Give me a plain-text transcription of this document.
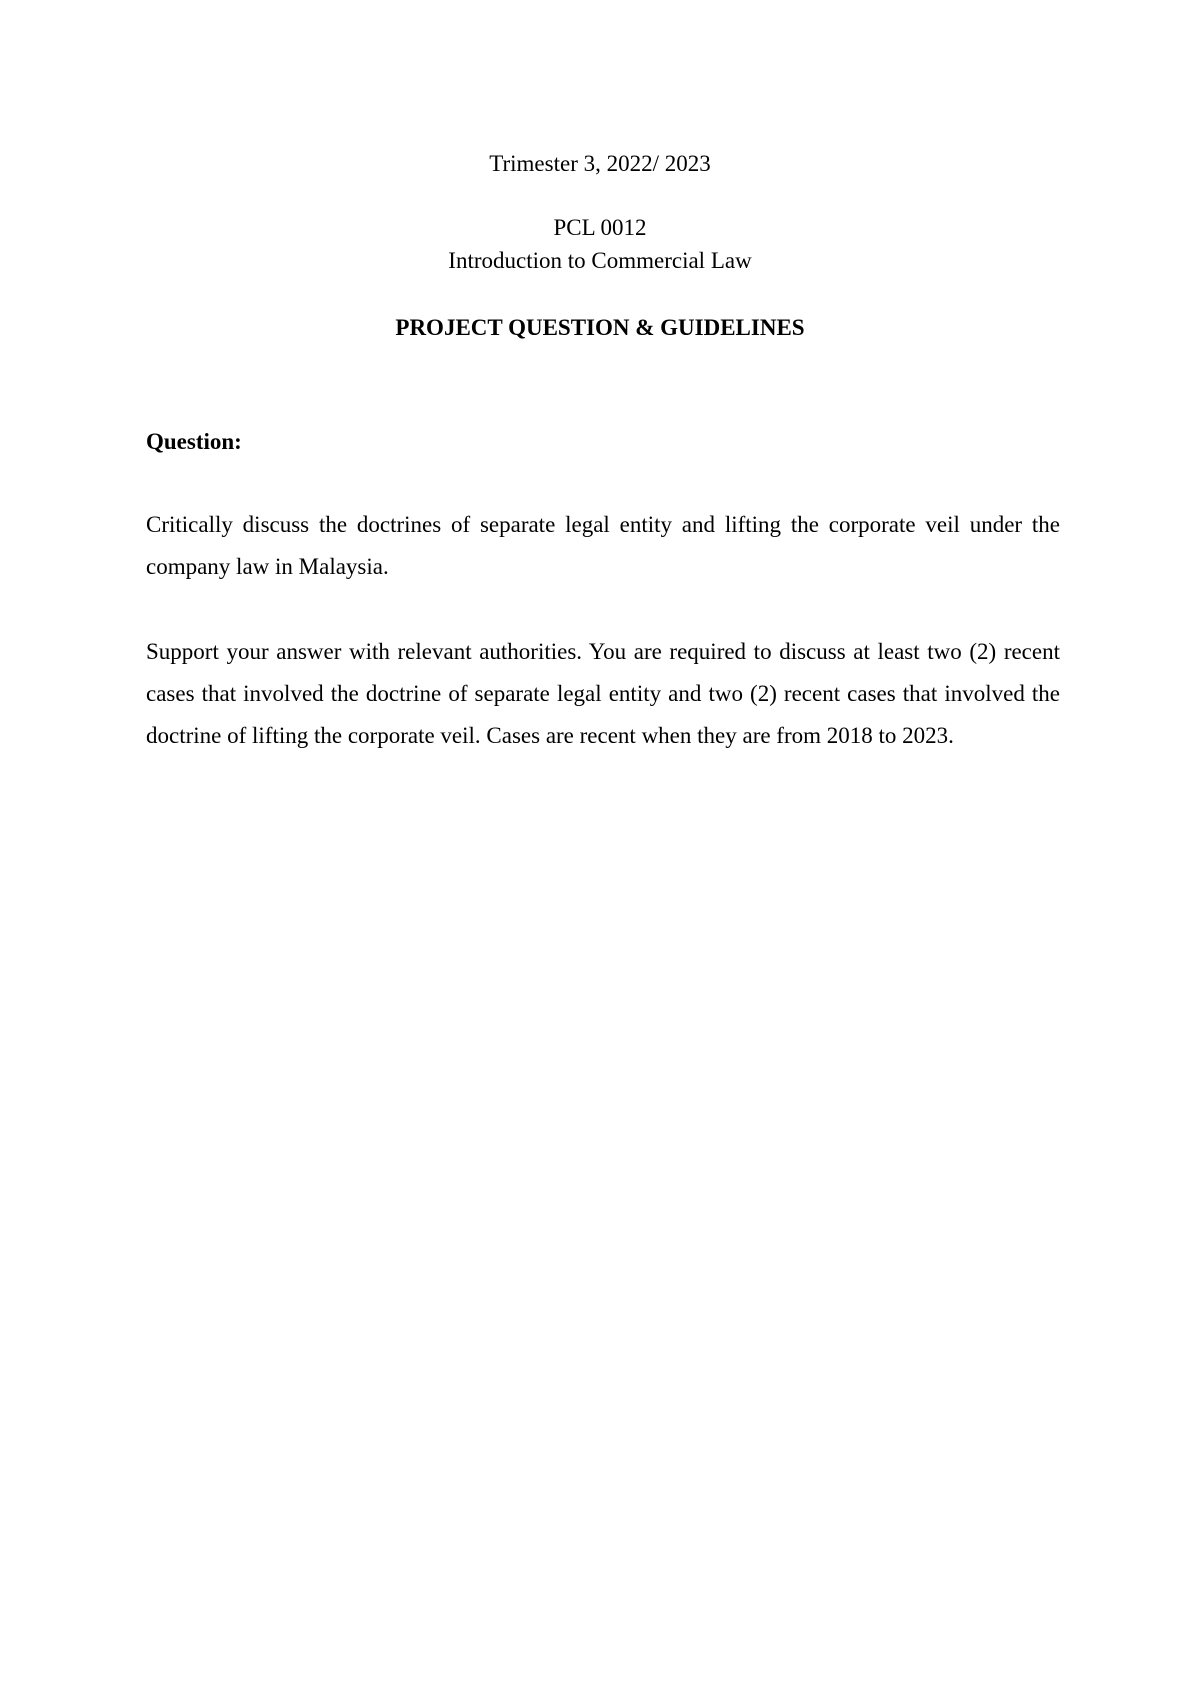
Trimester 3, 2022/ 2023

PCL 0012

Introduction to Commercial Law

PROJECT QUESTION & GUIDELINES

Question:

Critically discuss the doctrines of separate legal entity and lifting the corporate veil under the company law in Malaysia.

Support your answer with relevant authorities. You are required to discuss at least two (2) recent cases that involved the doctrine of separate legal entity and two (2) recent cases that involved the doctrine of lifting the corporate veil. Cases are recent when they are from 2018 to 2023.
